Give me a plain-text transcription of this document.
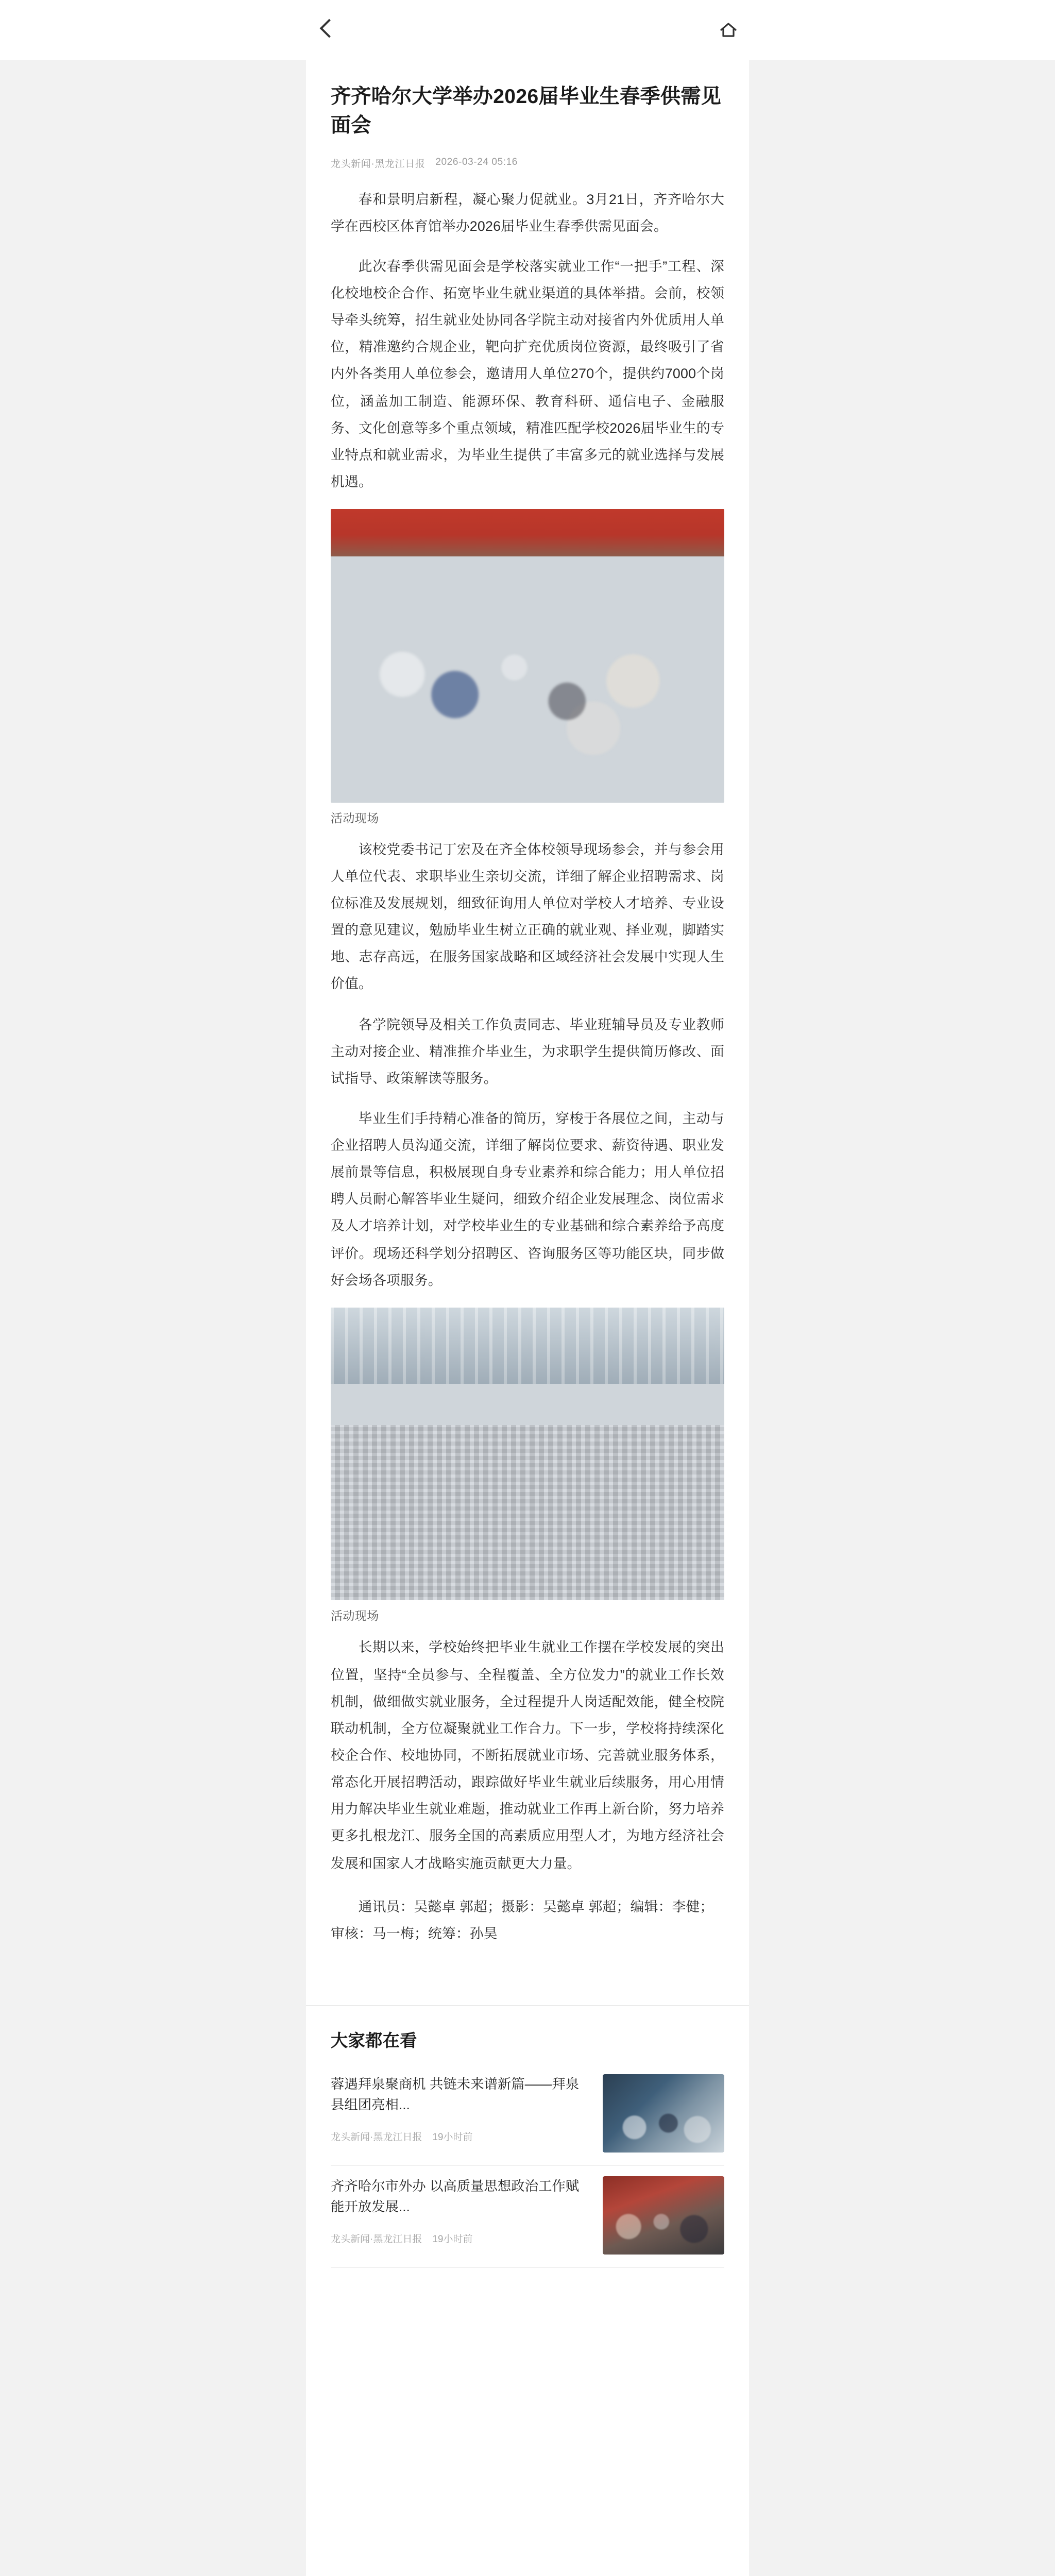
齐齐哈尔大学举办2026届毕业生春季供需见面会
龙头新闻·黑龙江日报 2026-03-24 05:16

春和景明启新程，凝心聚力促就业。3月21日，齐齐哈尔大学在西校区体育馆举办2026届毕业生春季供需见面会。

此次春季供需见面会是学校落实就业工作“一把手”工程、深化校地校企合作、拓宽毕业生就业渠道的具体举措。会前，校领导牵头统筹，招生就业处协同各学院主动对接省内外优质用人单位，精准邀约合规企业，靶向扩充优质岗位资源，最终吸引了省内外各类用人单位参会，邀请用人单位270个，提供约7000个岗位，涵盖加工制造、能源环保、教育科研、通信电子、金融服务、文化创意等多个重点领域，精准匹配学校2026届毕业生的专业特点和就业需求，为毕业生提供了丰富多元的就业选择与发展机遇。

活动现场

该校党委书记丁宏及在齐全体校领导现场参会，并与参会用人单位代表、求职毕业生亲切交流，详细了解企业招聘需求、岗位标准及发展规划，细致征询用人单位对学校人才培养、专业设置的意见建议，勉励毕业生树立正确的就业观、择业观，脚踏实地、志存高远，在服务国家战略和区域经济社会发展中实现人生价值。

各学院领导及相关工作负责同志、毕业班辅导员及专业教师主动对接企业、精准推介毕业生，为求职学生提供简历修改、面试指导、政策解读等服务。

毕业生们手持精心准备的简历，穿梭于各展位之间，主动与企业招聘人员沟通交流，详细了解岗位要求、薪资待遇、职业发展前景等信息，积极展现自身专业素养和综合能力；用人单位招聘人员耐心解答毕业生疑问，细致介绍企业发展理念、岗位需求及人才培养计划，对学校毕业生的专业基础和综合素养给予高度评价。现场还科学划分招聘区、咨询服务区等功能区块，同步做好会场各项服务。

活动现场

长期以来，学校始终把毕业生就业工作摆在学校发展的突出位置，坚持“全员参与、全程覆盖、全方位发力”的就业工作长效机制，做细做实就业服务，全过程提升人岗适配效能，健全校院联动机制，全方位凝聚就业工作合力。下一步，学校将持续深化校企合作、校地协同，不断拓展就业市场、完善就业服务体系，常态化开展招聘活动，跟踪做好毕业生就业后续服务，用心用情用力解决毕业生就业难题，推动就业工作再上新台阶，努力培养更多扎根龙江、服务全国的高素质应用型人才，为地方经济社会发展和国家人才战略实施贡献更大力量。

通讯员：吴懿卓 郭超；摄影：吴懿卓 郭超；编辑：李健；审核：马一梅；统筹：孙昊

大家都在看
蓉遇拜泉聚商机 共链未来谱新篇——拜泉县组团亮相...
龙头新闻·黑龙江日报 19小时前
齐齐哈尔市外办 以高质量思想政治工作赋能开放发展...
龙头新闻·黑龙江日报 19小时前
